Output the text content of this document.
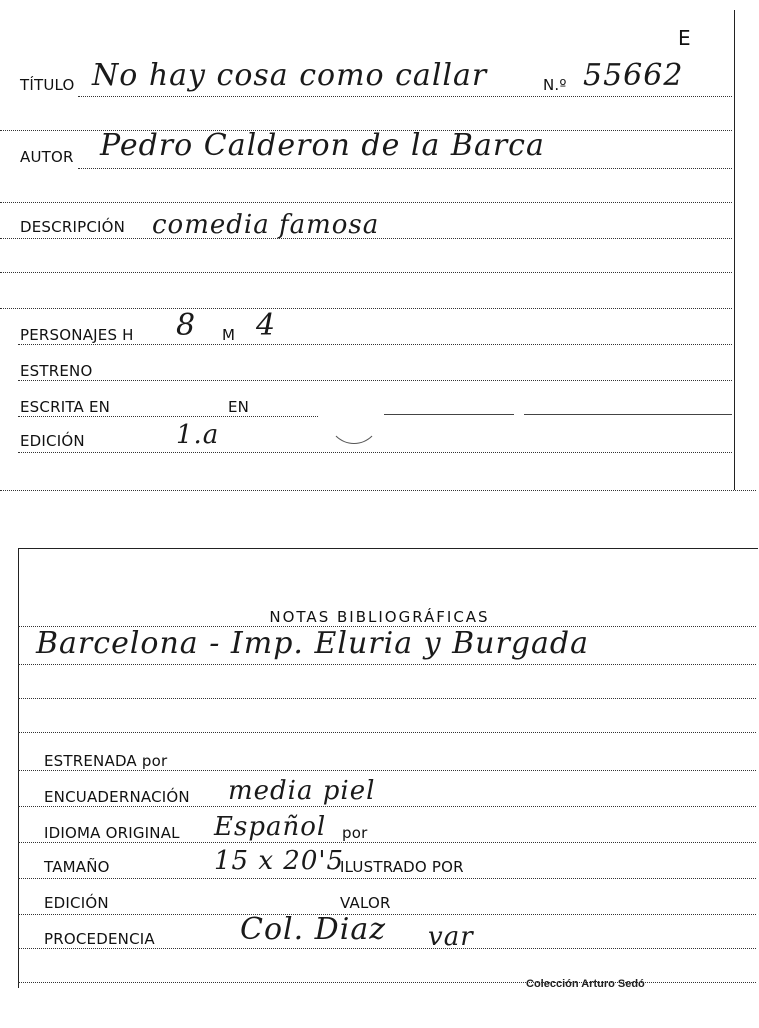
E
TÍTULO No hay cosa como callar	N.º 55662
AUTOR Pedro Calderon de la Barca
DESCRIPCIÓN comedia famosa
PERSONAJES H 8 M 4
ESTRENO
ESCRITA EN	EN
EDICIÓN	1.a
NOTAS BIBLIOGRÁFICAS
Barcelona - Imp. Eluria y Burgada
ESTRENADA por
ENCUADERNACIÓN media piel
IDIOMA ORIGINAL Español por
TAMAÑO	15 x 20'5
ILUSTRADO POR
EDICIÓN	VALOR
PROCEDENCIA	Col. Diaz var
Colección Arturo Sedó
